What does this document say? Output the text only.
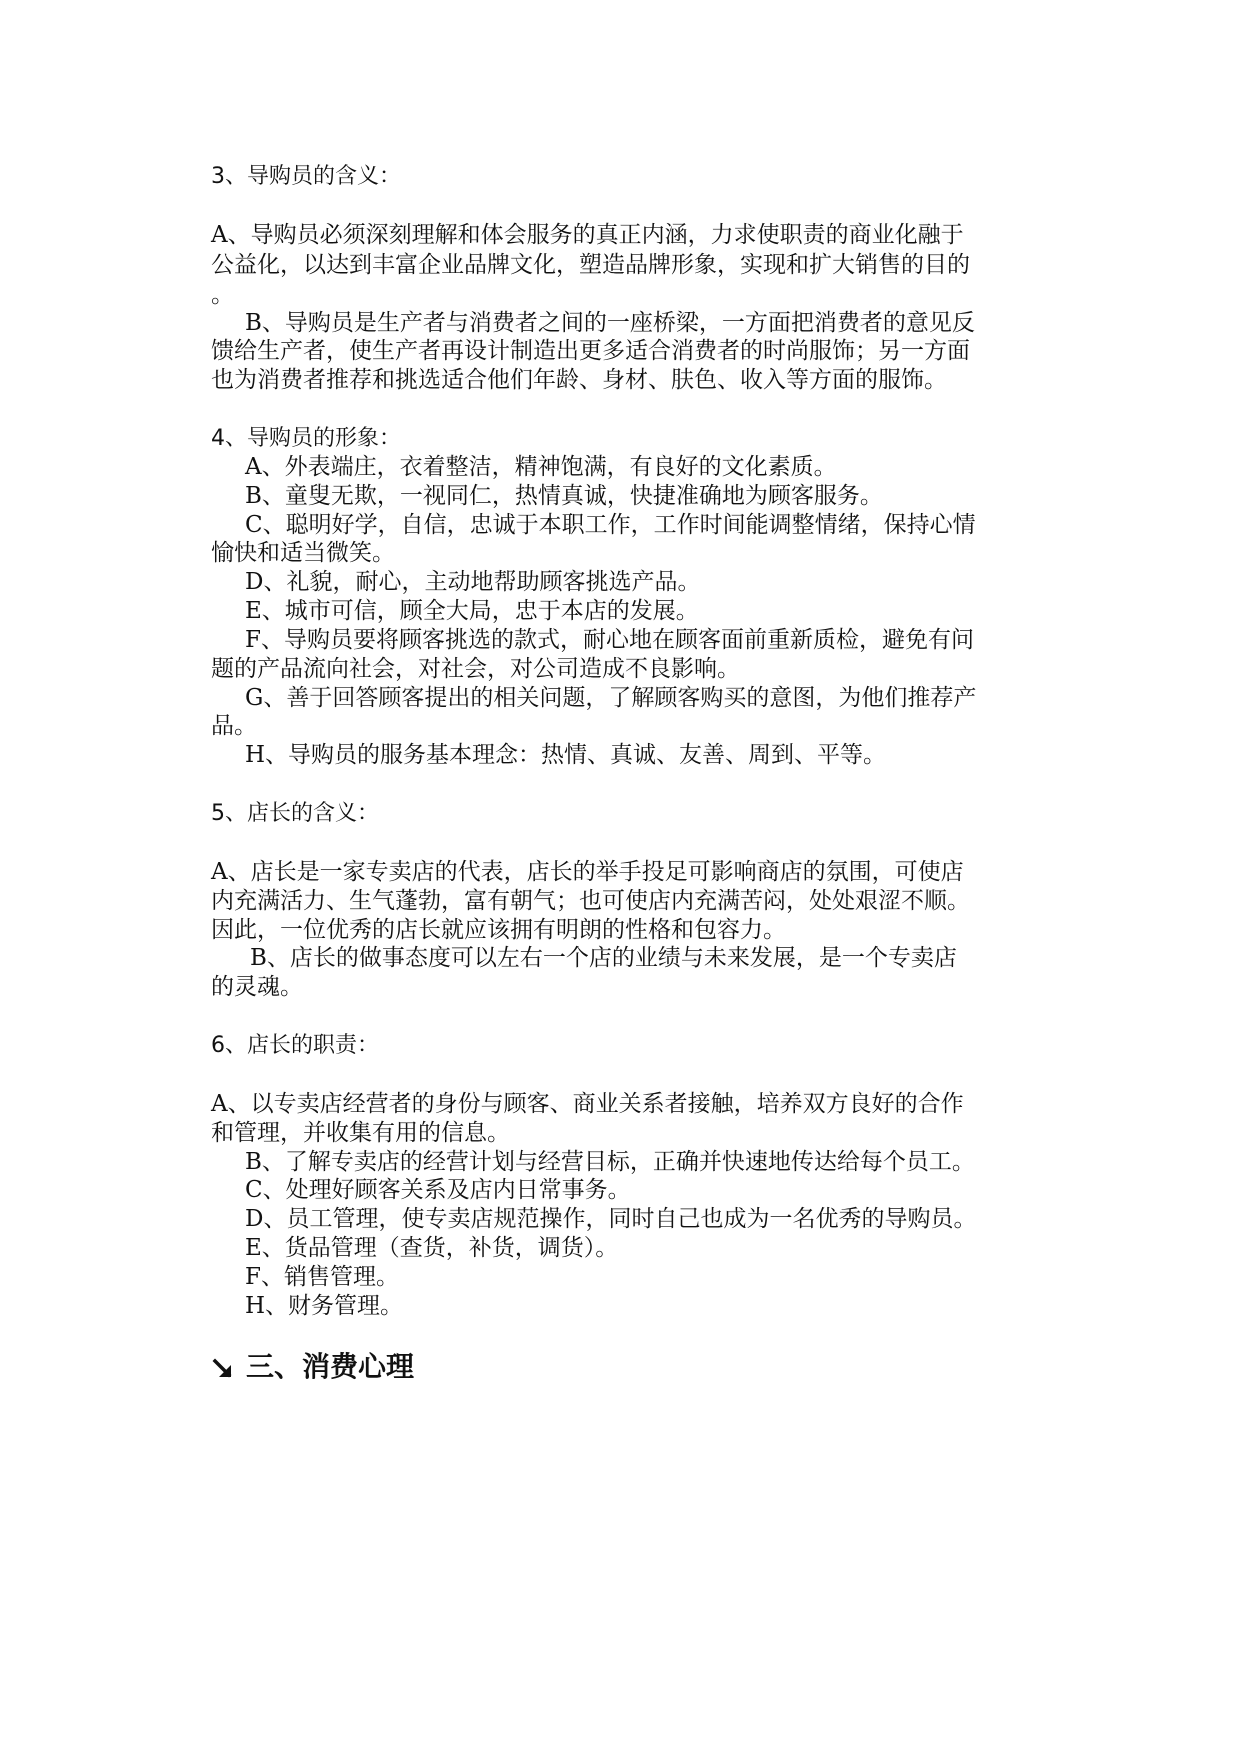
3、导购员的含义：
A、导购员必须深刻理解和体会服务的真正内涵，力求使职责的商业化融于
公益化，以达到丰富企业品牌文化，塑造品牌形象，实现和扩大销售的目的
。
B、导购员是生产者与消费者之间的一座桥梁，一方面把消费者的意见反
馈给生产者，使生产者再设计制造出更多适合消费者的时尚服饰；另一方面
也为消费者推荐和挑选适合他们年龄、身材、肤色、收入等方面的服饰。
4、导购员的形象：
A、外表端庄，衣着整洁，精神饱满，有良好的文化素质。
B、童叟无欺，一视同仁，热情真诚，快捷准确地为顾客服务。
C、聪明好学，自信，忠诚于本职工作，工作时间能调整情绪，保持心情
愉快和适当微笑。
D、礼貌，耐心，主动地帮助顾客挑选产品。
E、城市可信，顾全大局，忠于本店的发展。
F、导购员要将顾客挑选的款式，耐心地在顾客面前重新质检，避免有问
题的产品流向社会，对社会，对公司造成不良影响。
G、善于回答顾客提出的相关问题，了解顾客购买的意图，为他们推荐产
品。
H、导购员的服务基本理念：热情、真诚、友善、周到、平等。
5、店长的含义：
A、店长是一家专卖店的代表，店长的举手投足可影响商店的氛围，可使店
内充满活力、生气蓬勃，富有朝气；也可使店内充满苦闷，处处艰涩不顺。
因此，一位优秀的店长就应该拥有明朗的性格和包容力。
B、店长的做事态度可以左右一个店的业绩与未来发展，是一个专卖店
的灵魂。
6、店长的职责：
A、以专卖店经营者的身份与顾客、商业关系者接触，培养双方良好的合作
和管理，并收集有用的信息。
B、了解专卖店的经营计划与经营目标，正确并快速地传达给每个员工。
C、处理好顾客关系及店内日常事务。
D、员工管理，使专卖店规范操作，同时自己也成为一名优秀的导购员。
E、货品管理（查货，补货，调货）。
F、销售管理。
H、财务管理。
三、消费心理
